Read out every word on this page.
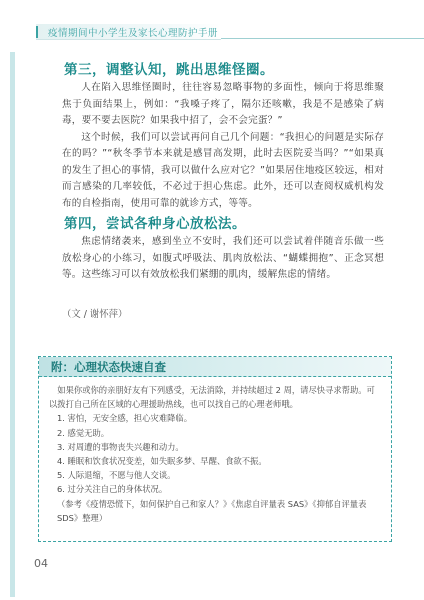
疫情期间中小学生及家长心理防护手册
第三，调整认知，跳出思维怪圈。

人在陷入思维怪圈时，往往容易忽略事物的多面性，倾向于将思维聚焦于负面结果上，例如：“我嗓子疼了，隔尔还咳嗽，我是不是感染了病毒，要不要去医院？如果我中招了，会不会完蛋？”

这个时候，我们可以尝试再问自己几个问题：“我担心的问题是实际存在的吗？”“秋冬季节本来就是感冒高发期，此时去医院妥当吗？”“如果真的发生了担心的事情，我可以做什么应对它？”如果居住地疫区较远，相对而言感染的几率较低，不必过于担心焦虑。此外，还可以查阅权威机构发布的自检指南，使用可靠的就诊方式，等等。

第四，尝试各种身心放松法。

焦虑情绪袭来，感到坐立不安时，我们还可以尝试着伴随音乐做一些放松身心的小练习，如腹式呼吸法、肌肉放松法、“蝴蝶拥抱”、正念冥想等。这些练习可以有效放松我们紧绷的肌肉，缓解焦虑的情绪。

（文 / 谢怀萍）
附：心理状态快速自查

如果你或你的亲朋好友有下列感受，无法消除，并持续超过 2 周，请尽快寻求帮助。可以拨打自己所在区域的心理援助热线，也可以找自己的心理老师哦。

1. 害怕，无安全感，担心灾难降临。
2. 感觉无助。
3. 对周遭的事物丧失兴趣和动力。
4. 睡眠和饮食状况变差，如失眠多梦、早醒、食欲不振。
5. 人际退缩，不愿与他人交谈。
6. 过分关注自己的身体状况。

（参考《疫情恐慌下，如何保护自己和家人？》《焦虑自评量表 SAS》《抑郁自评量表 SDS》整理）

04
